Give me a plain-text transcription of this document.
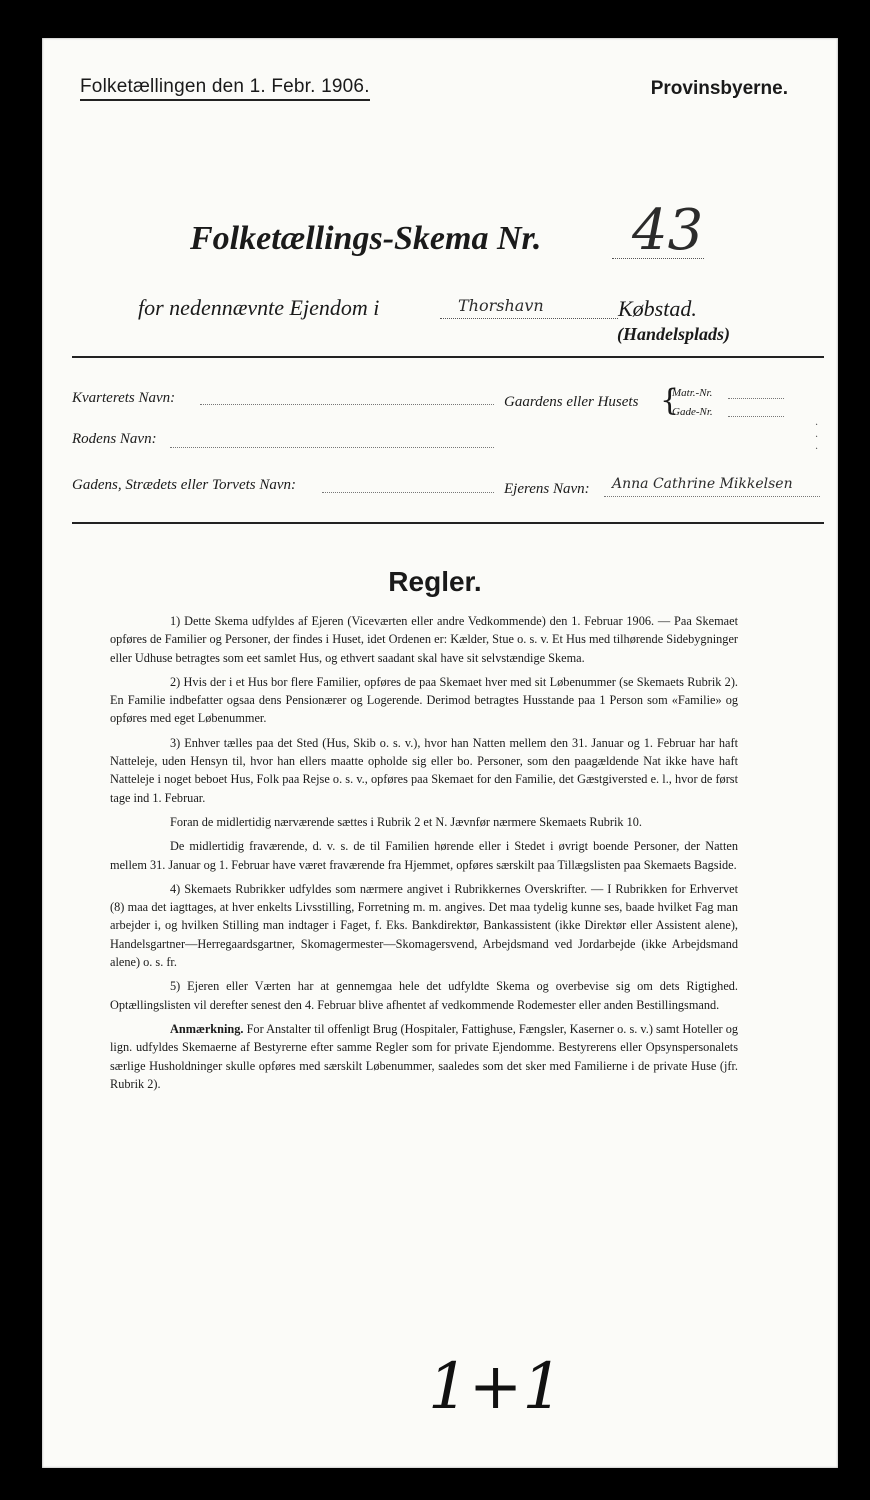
Folketællingen den 1. Febr. 1906.	Provinsbyerne.
Folketællings-Skema Nr. 43
for nedennævnte Ejendom i	Thorshavn	Købstad.
(Handelsplads)
Kvarterets Navn:	Gaardens eller Husets {
Matr.-Nr.
Gade-Nr.
Rodens Navn:
Gadens, Strædets eller Torvets Navn:	Ejerens Navn: Anna Cathrine Mikkelsen
·
·
·
Regler.

1) Dette Skema udfyldes af Ejeren (Viceværten eller andre Vedkommende) den 1. Februar 1906. — Paa Skemaet opføres de Familier og Personer, der findes i Huset, idet Ordenen er: Kælder, Stue o. s. v. Et Hus med tilhørende Sidebygninger eller Udhuse betragtes som eet samlet Hus, og ethvert saadant skal have sit selvstændige Skema.

2) Hvis der i et Hus bor flere Familier, opføres de paa Skemaet hver med sit Løbenummer (se Skemaets Rubrik 2). En Familie indbefatter ogsaa dens Pensionærer og Logerende. Derimod betragtes Husstande paa 1 Person som «Familie» og opføres med eget Løbenummer.

3) Enhver tælles paa det Sted (Hus, Skib o. s. v.), hvor han Natten mellem den 31. Januar og 1. Februar har haft Natteleje, uden Hensyn til, hvor han ellers maatte opholde sig eller bo. Personer, som den paagældende Nat ikke have haft Natteleje i noget beboet Hus, Folk paa Rejse o. s. v., opføres paa Skemaet for den Familie, det Gæstgiversted e. l., hvor de først tage ind 1. Februar.

Foran de midlertidig nærværende sættes i Rubrik 2 et N. Jævnfør nærmere Skemaets Rubrik 10.

De midlertidig fraværende, d. v. s. de til Familien hørende eller i Stedet i øvrigt boende Personer, der Natten mellem 31. Januar og 1. Februar have været fraværende fra Hjemmet, opføres særskilt paa Tillægslisten paa Skemaets Bagside.

4) Skemaets Rubrikker udfyldes som nærmere angivet i Rubrikkernes Overskrifter. — I Rubrikken for Erhvervet (8) maa det iagttages, at hver enkelts Livsstilling, Forretning m. m. angives. Det maa tydelig kunne ses, baade hvilket Fag man arbejder i, og hvilken Stilling man indtager i Faget, f. Eks. Bankdirektør, Bankassistent (ikke Direktør eller Assistent alene), Handelsgartner—Herregaardsgartner, Skomagermester—Skomagersvend, Arbejdsmand ved Jordarbejde (ikke Arbejdsmand alene) o. s. fr.

5) Ejeren eller Værten har at gennemgaa hele det udfyldte Skema og overbevise sig om dets Rigtighed. Optællingslisten vil derefter senest den 4. Februar blive afhentet af vedkommende Rodemester eller anden Bestillingsmand.

Anmærkning. For Anstalter til offenligt Brug (Hospitaler, Fattighuse, Fængsler, Kaserner o. s. v.) samt Hoteller og lign. udfyldes Skemaerne af Bestyrerne efter samme Regler som for private Ejendomme. Bestyrerens eller Opsynspersonalets særlige Husholdninger skulle opføres med særskilt Løbenummer, saaledes som det sker med Familierne i de private Huse (jfr. Rubrik 2).

1+1
